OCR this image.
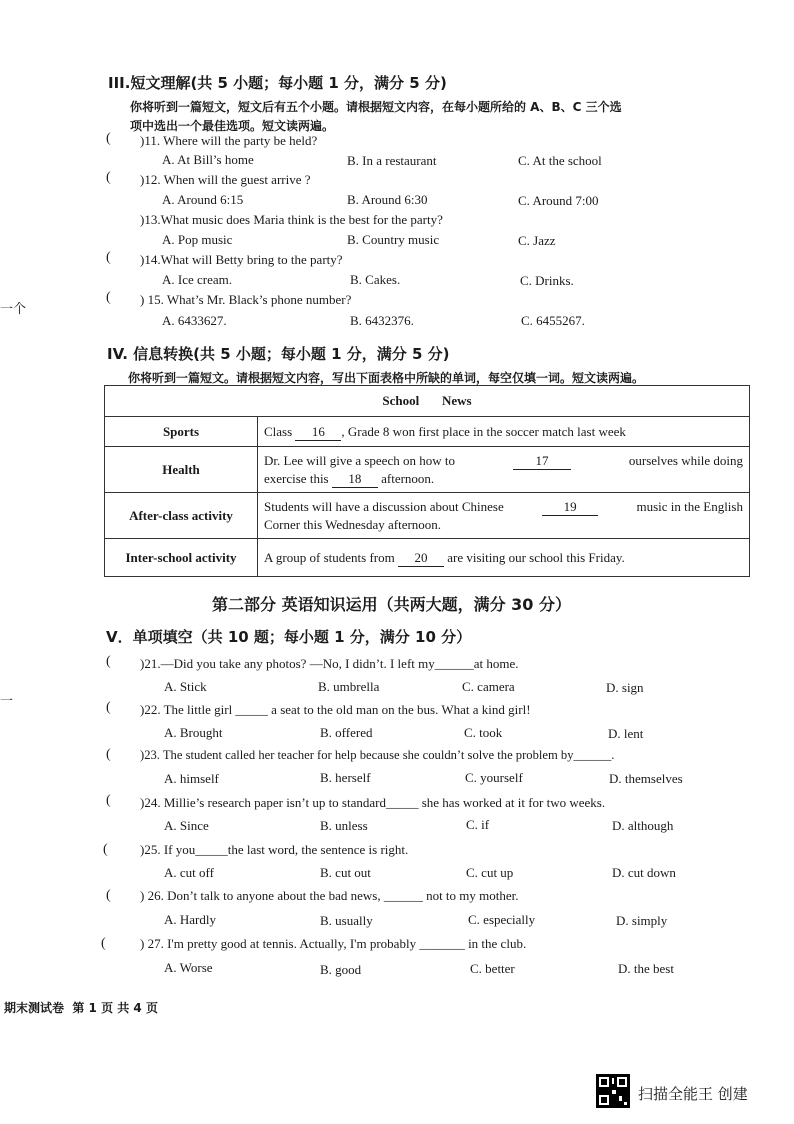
一个
一
III.短文理解(共 5 小题；每小题 1 分，满分 5 分)
你将听到一篇短文，短文后有五个小题。请根据短文内容，在每小题所给的 A、B、C 三个选
项中选出一个最佳选项。短文读两遍。
( )11. Where will the party be held?
A. At Bill’s home	B. In a restaurant	C. At the school
( )12. When will the guest arrive ?
A. Around 6:15	B. Around 6:30	C. Around 7:00
)13.What music does Maria think is the best for the party?
A. Pop music	B. Country music	C. Jazz
( )14.What will Betty bring to the party?
A. Ice cream.	B. Cakes.	C. Drinks.
( ) 15. What’s Mr. Black’s phone number?
A. 6433627.	B. 6432376.	C. 6455267.
IV. 信息转换(共 5 小题；每小题 1 分，满分 5 分)
你将听到一篇短文。请根据短文内容，写出下面表格中所缺的单词，每空仅填一词。短文读两遍。
School News	
Sports	Class 16 , Grade 8 won first place in the soccer match last week
Health	Dr. Lee will give a speech on how to 17 ourselves while doing
exercise this 18 afternoon.

After-class activity	Students will have a discussion about Chinese 19 music in the English
Corner this Wednesday afternoon.

Inter-school activity	A group of students from 20 are visiting our school this Friday.
第二部分 英语知识运用（共两大题，满分 30 分）
V．单项填空（共 10 题；每小题 1 分，满分 10 分）
( )21.—Did you take any photos? —No, I didn’t. I left my______at home.
A. Stick	B. umbrella	C. camera	D. sign
( )22. The little girl _____ a seat to the old man on the bus. What a kind girl!
A. Brought	B. offered	C. took	D. lent
( )23. The student called her teacher for help because she couldn’t solve the problem by______.
A. himself	B. herself	C. yourself	D. themselves
( )24. Millie’s research paper isn’t up to standard_____ she has worked at it for two weeks.
A. Since	B. unless	C. if	D. although
( )25. If you_____the last word, the sentence is right.
A. cut off	B. cut out	C. cut up	D. cut down
( ) 26. Don’t talk to anyone about the bad news, ______ not to my mother.
A. Hardly	B. usually	C. especially	D. simply
(	) 27. I'm pretty good at tennis. Actually, I'm probably _______ in the club.
A. Worse	B. good	C. better	D. the best
期末测试卷 第 1 页 共 4 页
扫描全能王 创建
